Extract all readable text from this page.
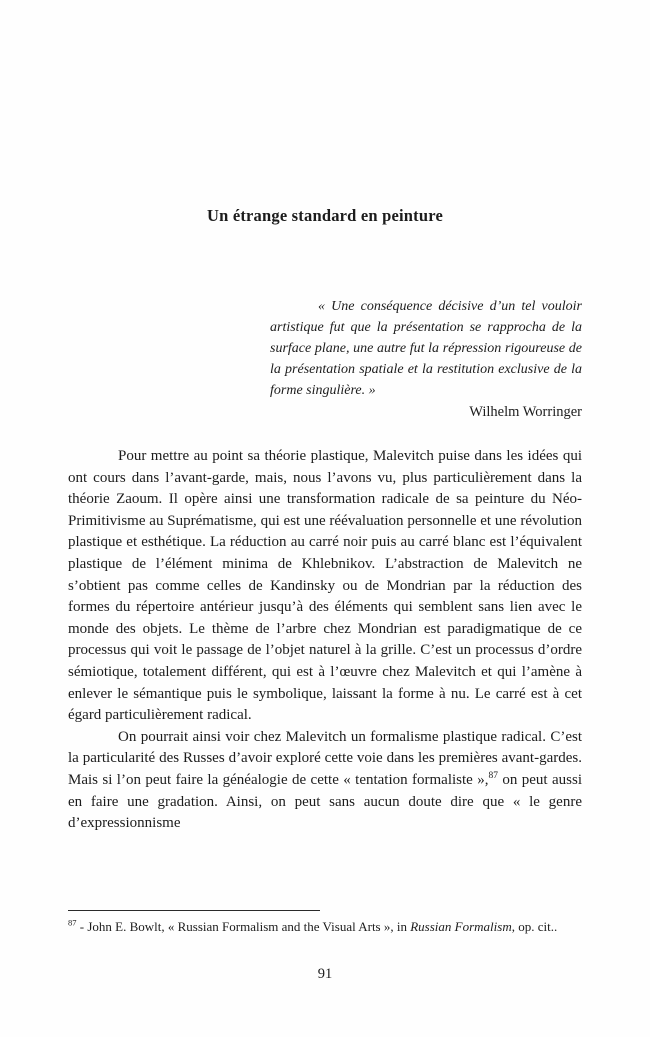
Un étrange standard en peinture

« Une conséquence décisive d’un tel vouloir artistique fut que la présentation se rapprocha de la surface plane, une autre fut la répression rigoureuse de la présentation spatiale et la restitution exclusive de la forme singulière. »

Wilhelm Worringer

Pour mettre au point sa théorie plastique, Malevitch puise dans les idées qui ont cours dans l’avant-garde, mais, nous l’avons vu, plus particulièrement dans la théorie Zaoum. Il opère ainsi une transformation radicale de sa peinture du Néo-Primitivisme au Suprématisme, qui est une réévaluation personnelle et une révolution plastique et esthétique. La réduction au carré noir puis au carré blanc est l’équivalent plastique de l’élément minima de Khlebnikov. L’abstraction de Malevitch ne s’obtient pas comme celles de Kandinsky ou de Mondrian par la réduction des formes du répertoire antérieur jusqu’à des éléments qui semblent sans lien avec le monde des objets. Le thème de l’arbre chez Mondrian est paradigmatique de ce processus qui voit le passage de l’objet naturel à la grille. C’est un processus d’ordre sémiotique, totalement différent, qui est à l’œuvre chez Malevitch et qui l’amène à enlever le sémantique puis le symbolique, laissant la forme à nu. Le carré est à cet égard particulièrement radical.

On pourrait ainsi voir chez Malevitch un formalisme plastique radical. C’est la particularité des Russes d’avoir exploré cette voie dans les premières avant-gardes. Mais si l’on peut faire la généalogie de cette « tentation formaliste »,$^{87}$ on peut aussi en faire une gradation. Ainsi, on peut sans aucun doute dire que « le genre d’expressionnisme

$^{87}$ - John E. Bowlt, « Russian Formalism and the Visual Arts », in Russian Formalism, op. cit..

91
